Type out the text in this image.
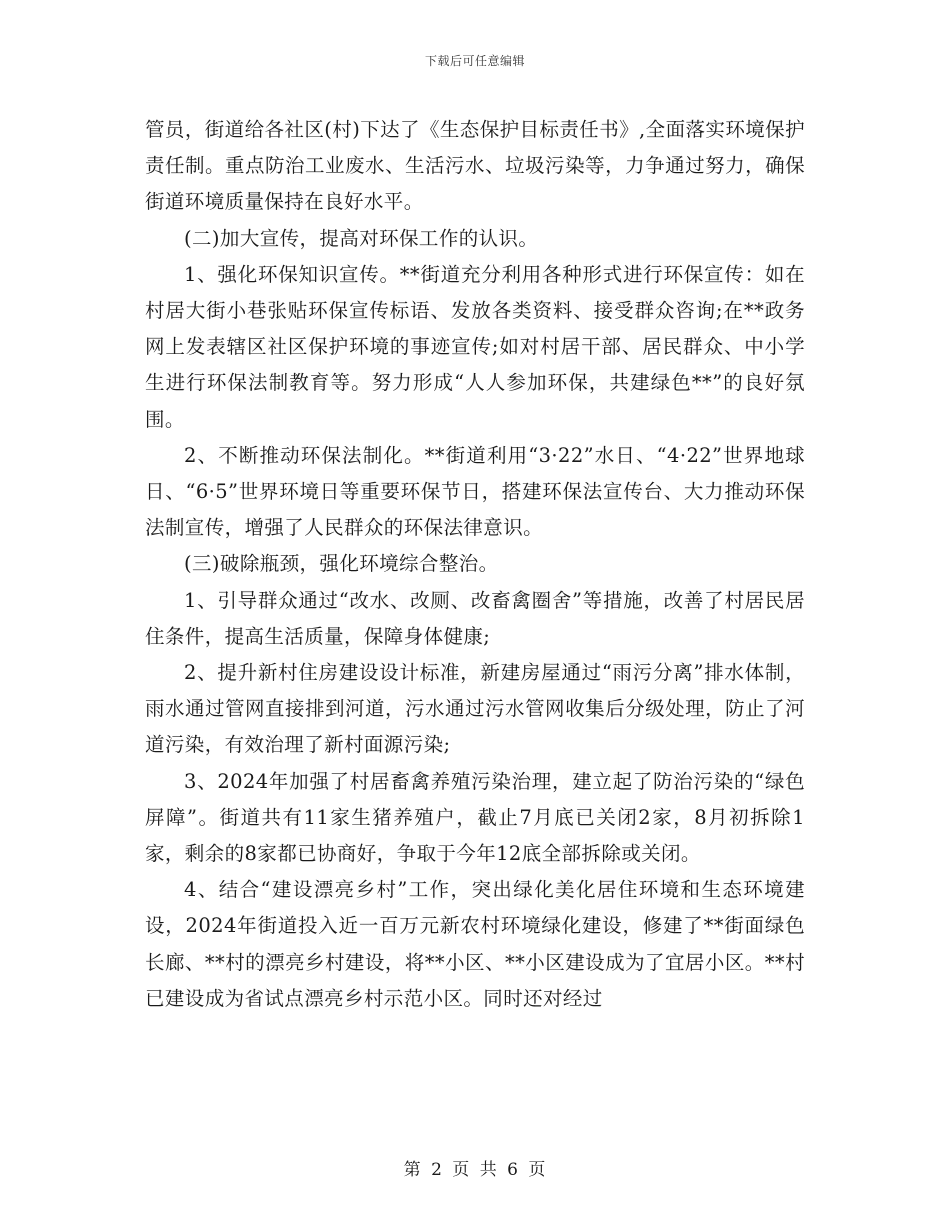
下载后可任意编辑

管员，街道给各社区(村)下达了《生态保护目标责任书》,全面落实环境保护责任制。重点防治工业废水、生活污水、垃圾污染等，力争通过努力，确保街道环境质量保持在良好水平。

(二)加大宣传，提高对环保工作的认识。

1、强化环保知识宣传。**街道充分利用各种形式进行环保宣传：如在村居大街小巷张贴环保宣传标语、发放各类资料、接受群众咨询;在**政务网上发表辖区社区保护环境的事迹宣传;如对村居干部、居民群众、中小学生进行环保法制教育等。努力形成“人人参加环保，共建绿色**”的良好氛围。

2、不断推动环保法制化。**街道利用“3·22”水日、“4·22”世界地球日、“6·5”世界环境日等重要环保节日，搭建环保法宣传台、大力推动环保法制宣传，增强了人民群众的环保法律意识。

(三)破除瓶颈，强化环境综合整治。

1、引导群众通过“改水、改厕、改畜禽圈舍”等措施，改善了村居民居住条件，提高生活质量，保障身体健康;

2、提升新村住房建设设计标准，新建房屋通过“雨污分离”排水体制，雨水通过管网直接排到河道，污水通过污水管网收集后分级处理，防止了河道污染，有效治理了新村面源污染;

3、2024年加强了村居畜禽养殖污染治理，建立起了防治污染的“绿色屏障”。街道共有11家生猪养殖户，截止7月底已关闭2家，8月初拆除1家，剩余的8家都已协商好，争取于今年12底全部拆除或关闭。

4、结合“建设漂亮乡村”工作，突出绿化美化居住环境和生态环境建设，2024年街道投入近一百万元新农村环境绿化建设，修建了**街面绿色长廊、**村的漂亮乡村建设，将**小区、**小区建设成为了宜居小区。**村已建设成为省试点漂亮乡村示范小区。同时还对经过

第 2 页 共 6 页
